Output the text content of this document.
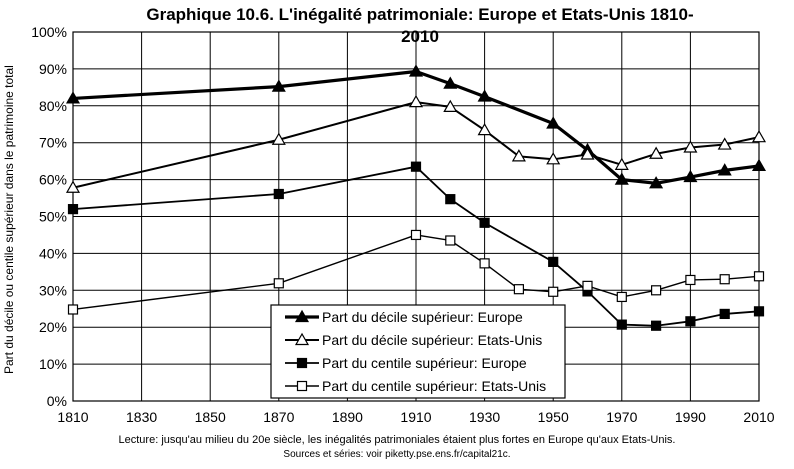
Graphique 10.6. L'inégalité patrimoniale: Europe et Etats-Unis 1810-
2010
Part du décile ou centile supérieur dans le patrimoine total
0%
10%
20%
30%
40%
50%
60%
70%
80%
90%
100%
1810	1830	1850	1870	1890	1910	1930	1950	1970	1990	2010
Part du décile supérieur: Europe
Part du décile supérieur: Etats-Unis
Part du centile supérieur: Europe
Part du centile supérieur: Etats-Unis
Lecture: jusqu'au milieu du 20e siècle, les inégalités patrimoniales étaient plus fortes en Europe qu'aux Etats-Unis.
Sources et séries: voir piketty.pse.ens.fr/capital21c.
